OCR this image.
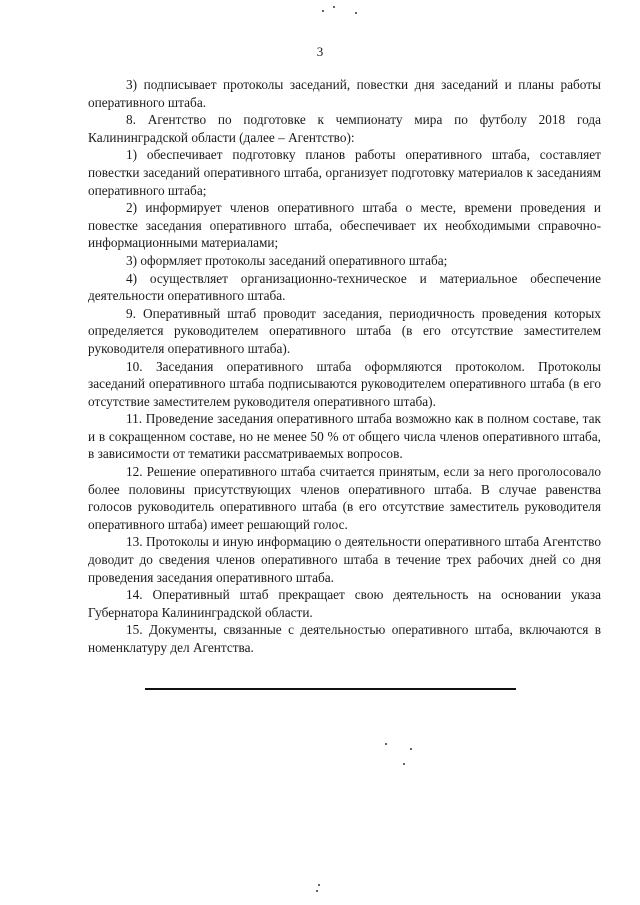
3

3) подписывает протоколы заседаний, повестки дня заседаний и планы работы оперативного штаба.

8. Агентство по подготовке к чемпионату мира по футболу 2018 года Калининградской области (далее – Агентство):

1) обеспечивает подготовку планов работы оперативного штаба, составляет повестки заседаний оперативного штаба, организует подготовку материалов к заседаниям оперативного штаба;

2) информирует членов оперативного штаба о месте, времени проведения и повестке заседания оперативного штаба, обеспечивает их необходимыми справочно-информационными материалами;

3) оформляет протоколы заседаний оперативного штаба;

4) осуществляет организационно-техническое и материальное обеспечение деятельности оперативного штаба.

9. Оперативный штаб проводит заседания, периодичность проведения которых определяется руководителем оперативного штаба (в его отсутствие заместителем руководителя оперативного штаба).

10. Заседания оперативного штаба оформляются протоколом. Протоколы заседаний оперативного штаба подписываются руководителем оперативного штаба (в его отсутствие заместителем руководителя оперативного штаба).

11. Проведение заседания оперативного штаба возможно как в полном составе, так и в сокращенном составе, но не менее 50 % от общего числа членов оперативного штаба, в зависимости от тематики рассматриваемых вопросов.

12. Решение оперативного штаба считается принятым, если за него проголосовало более половины присутствующих членов оперативного штаба. В случае равенства голосов руководитель оперативного штаба (в его отсутствие заместитель руководителя оперативного штаба) имеет решающий голос.

13. Протоколы и иную информацию о деятельности оперативного штаба Агентство доводит до сведения членов оперативного штаба в течение трех рабочих дней со дня проведения заседания оперативного штаба.

14. Оперативный штаб прекращает свою деятельность на основании указа Губернатора Калининградской области.

15. Документы, связанные с деятельностью оперативного штаба, включаются в номенклатуру дел Агентства.
